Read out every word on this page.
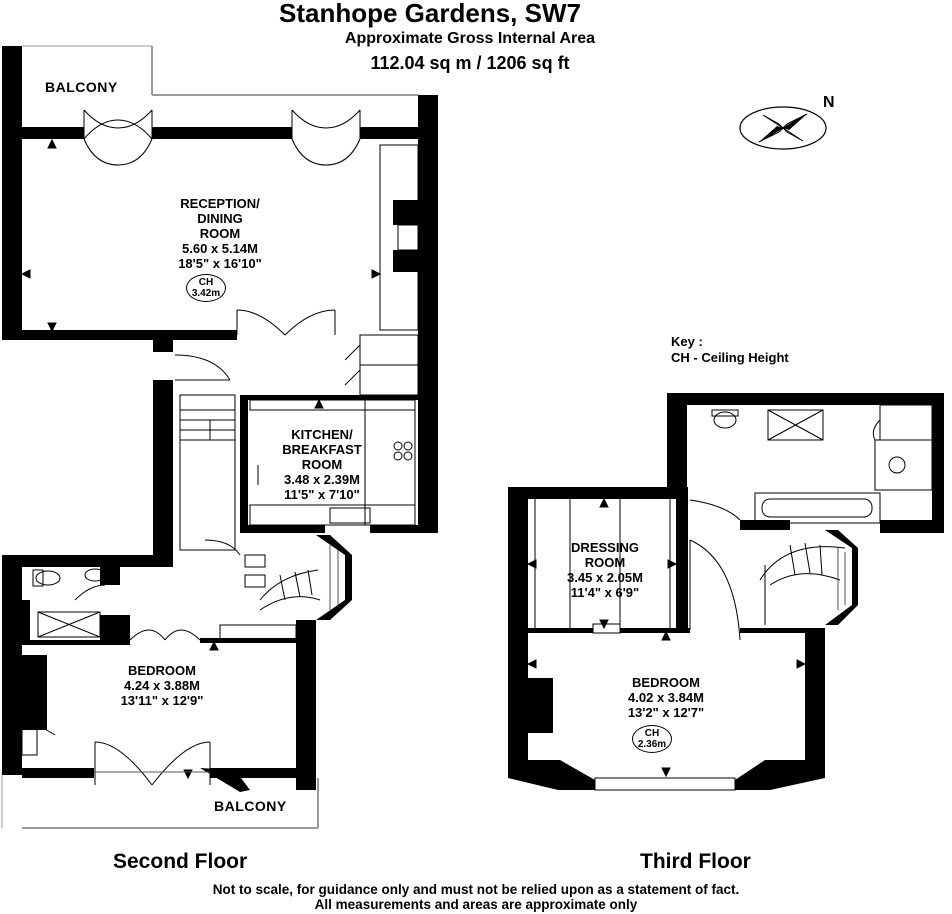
Stanhope Gardens, SW7
Approximate Gross Internal Area
112.04 sq m / 1206 sq ft
N
Key :
CH - Ceiling Height
BALCONY
BALCONY
RECEPTION/
DINING
ROOM
5.60 x 5.14M
18'5" x 16'10"
CH
3.42m
KITCHEN/
BREAKFAST
ROOM
3.48 x 2.39M
11'5" x 7'10"
BEDROOM
4.24 x 3.88M
13'11" x 12'9"
Second Floor
DRESSING
ROOM
3.45 x 2.05M
11'4" x 6'9"
BEDROOM
4.02 x 3.84M
13'2" x 12'7"
CH
2.36m
Third Floor
Not to scale, for guidance only and must not be relied upon as a statement of fact.
All measurements and areas are approximate only
